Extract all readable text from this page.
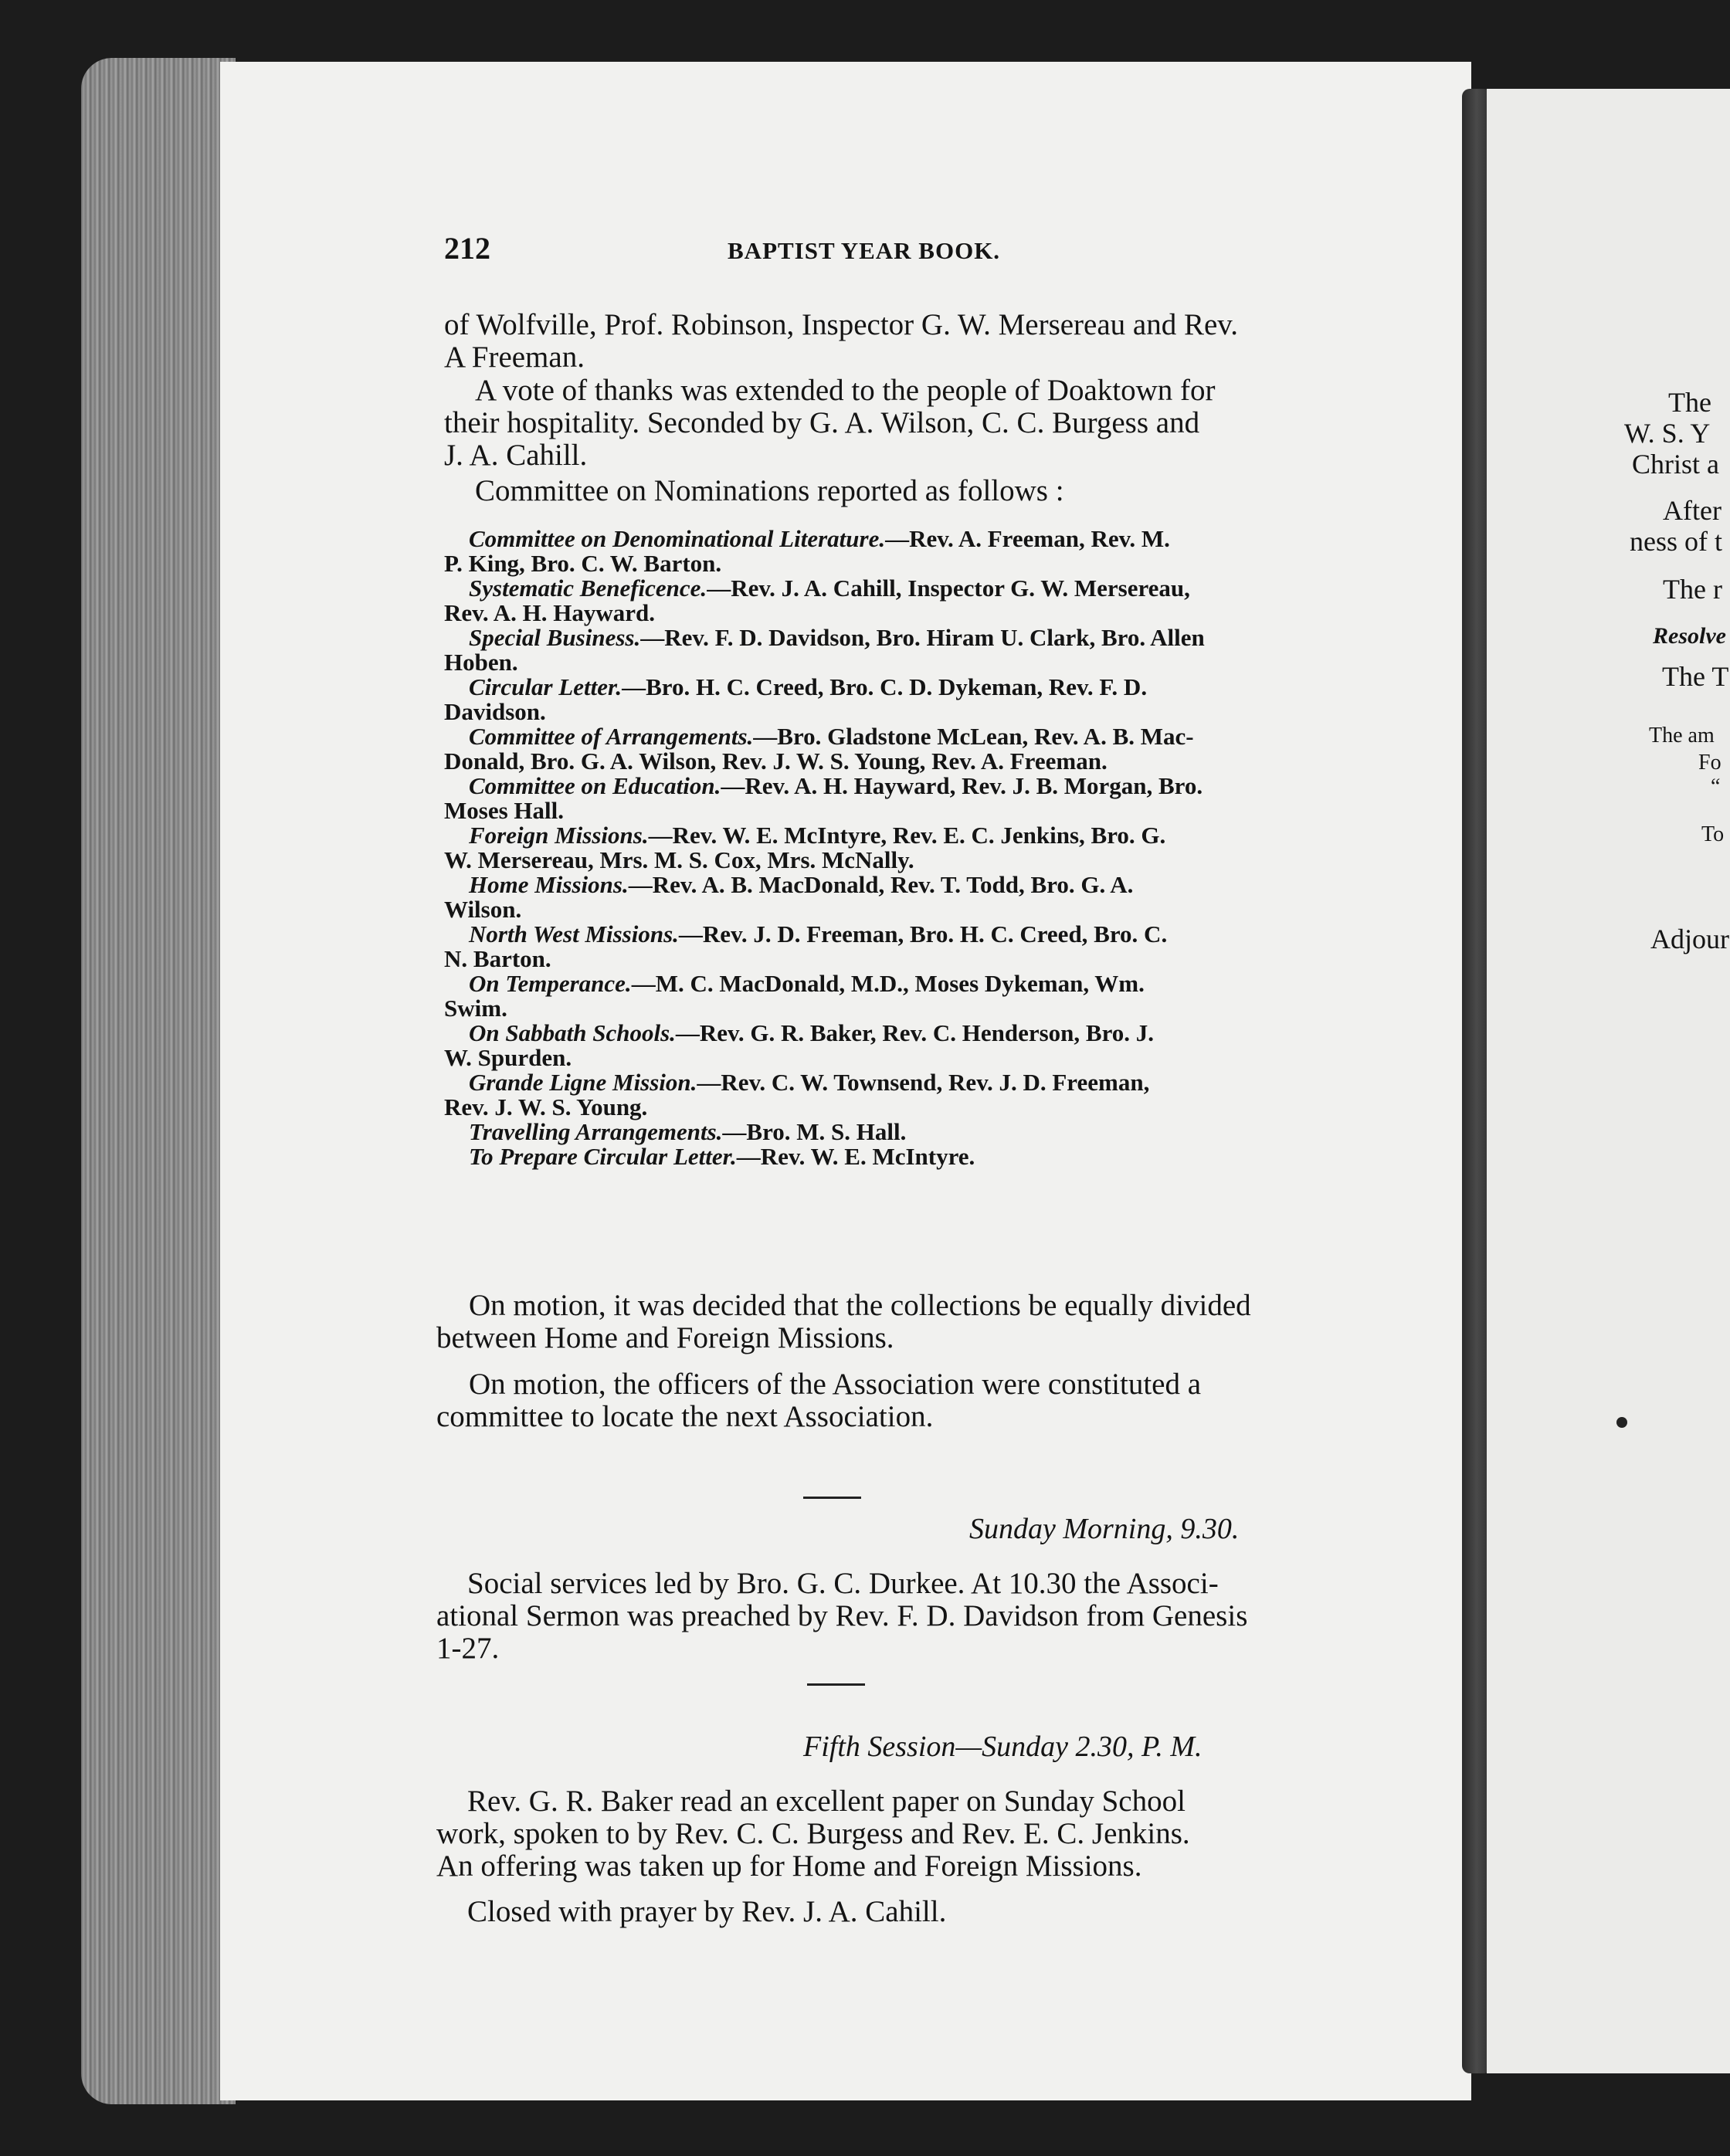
212	BAPTIST YEAR BOOK.

of Wolfville, Prof. Robinson, Inspector G. W. Mersereau and Rev.

A Freeman.

A vote of thanks was extended to the people of Doaktown for

their hospitality. Seconded by G. A. Wilson, C. C. Burgess and

J. A. Cahill.

Committee on Nominations reported as follows :

Committee on Denominational Literature.—Rev. A. Freeman, Rev. M.

P. King, Bro. C. W. Barton.

Systematic Beneficence.—Rev. J. A. Cahill, Inspector G. W. Mersereau,

Rev. A. H. Hayward.

Special Business.—Rev. F. D. Davidson, Bro. Hiram U. Clark, Bro. Allen

Hoben.

Circular Letter.—Bro. H. C. Creed, Bro. C. D. Dykeman, Rev. F. D.

Davidson.

Committee of Arrangements.—Bro. Gladstone McLean, Rev. A. B. Mac-

Donald, Bro. G. A. Wilson, Rev. J. W. S. Young, Rev. A. Freeman.

Committee on Education.—Rev. A. H. Hayward, Rev. J. B. Morgan, Bro.

Moses Hall.

Foreign Missions.—Rev. W. E. McIntyre, Rev. E. C. Jenkins, Bro. G.

W. Mersereau, Mrs. M. S. Cox, Mrs. McNally.

Home Missions.—Rev. A. B. MacDonald, Rev. T. Todd, Bro. G. A.

Wilson.

North West Missions.—Rev. J. D. Freeman, Bro. H. C. Creed, Bro. C.

N. Barton.

On Temperance.—M. C. MacDonald, M.D., Moses Dykeman, Wm.

Swim.

On Sabbath Schools.—Rev. G. R. Baker, Rev. C. Henderson, Bro. J.

W. Spurden.

Grande Ligne Mission.—Rev. C. W. Townsend, Rev. J. D. Freeman,

Rev. J. W. S. Young.

Travelling Arrangements.—Bro. M. S. Hall.

To Prepare Circular Letter.—Rev. W. E. McIntyre.

On motion, it was decided that the collections be equally divided

between Home and Foreign Missions.

On motion, the officers of the Association were constituted a

committee to locate the next Association.

Sunday Morning, 9.30.

Social services led by Bro. G. C. Durkee. At 10.30 the Associ-

ational Sermon was preached by Rev. F. D. Davidson from Genesis

1-27.

Fifth Session—Sunday 2.30, P. M.

Rev. G. R. Baker read an excellent paper on Sunday School

work, spoken to by Rev. C. C. Burgess and Rev. E. C. Jenkins.

An offering was taken up for Home and Foreign Missions.

Closed with prayer by Rev. J. A. Cahill.

The
W. S. Y
Christ a
After
ness of t
The r
Resolve
The T
The am
Fo
“
To
Adjour
